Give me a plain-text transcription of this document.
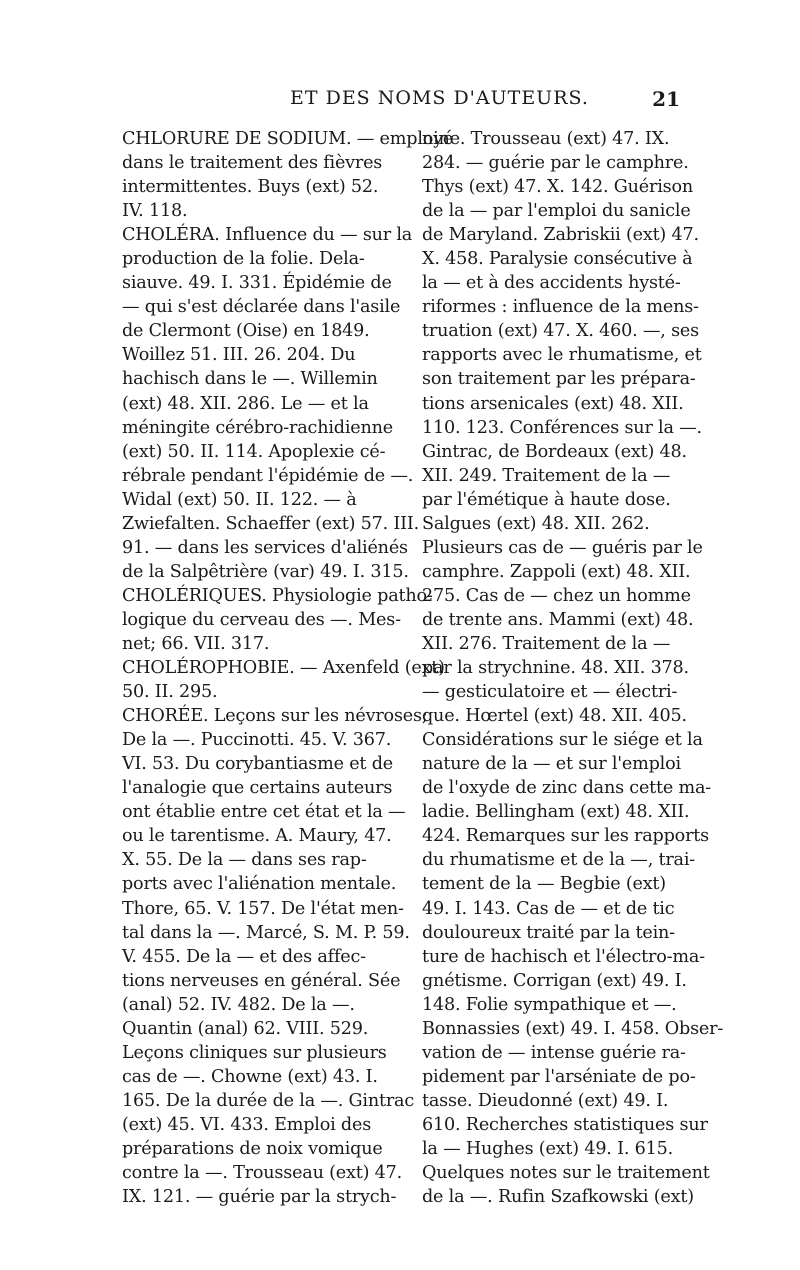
ET DES NOMS D'AUTEURS.	21
CHLORURE DE SODIUM. — employé
dans le traitement des fièvres
intermittentes. Buys (ext) 52.
IV. 118.
CHOLÉRA. Influence du — sur la
production de la folie. Dela-
siauve. 49. I. 331. Épidémie de
— qui s'est déclarée dans l'asile
de Clermont (Oise) en 1849.
Woillez 51. III. 26. 204. Du
hachisch dans le —. Willemin
(ext) 48. XII. 286. Le — et la
méningite cérébro-rachidienne
(ext) 50. II. 114. Apoplexie cé-
rébrale pendant l'épidémie de —.
Widal (ext) 50. II. 122. — à
Zwiefalten. Schaeffer (ext) 57. III.
91. — dans les services d'aliénés
de la Salpêtrière (var) 49. I. 315.
CHOLÉRIQUES. Physiologie patho-
logique du cerveau des —. Mes-
net; 66. VII. 317.
CHOLÉROPHOBIE. — Axenfeld (ext)
50. II. 295.
CHORÉE. Leçons sur les névroses;
De la —. Puccinotti. 45. V. 367.
VI. 53. Du corybantiasme et de
l'analogie que certains auteurs
ont établie entre cet état et la —
ou le tarentisme. A. Maury, 47.
X. 55. De la — dans ses rap-
ports avec l'aliénation mentale.
Thore, 65. V. 157. De l'état men-
tal dans la —. Marcé, S. M. P. 59.
V. 455. De la — et des affec-
tions nerveuses en général. Sée
(anal) 52. IV. 482. De la —.
Quantin (anal) 62. VIII. 529.
Leçons cliniques sur plusieurs
cas de —. Chowne (ext) 43. I.
165. De la durée de la —. Gintrac
(ext) 45. VI. 433. Emploi des
préparations de noix vomique
contre la —. Trousseau (ext) 47.
IX. 121. — guérie par la strych-
nine. Trousseau (ext) 47. IX.
284. — guérie par le camphre.
Thys (ext) 47. X. 142. Guérison
de la — par l'emploi du sanicle
de Maryland. Zabriskii (ext) 47.
X. 458. Paralysie consécutive à
la — et à des accidents hysté-
riformes : influence de la mens-
truation (ext) 47. X. 460. —, ses
rapports avec le rhumatisme, et
son traitement par les prépara-
tions arsenicales (ext) 48. XII.
110. 123. Conférences sur la —.
Gintrac, de Bordeaux (ext) 48.
XII. 249. Traitement de la —
par l'émétique à haute dose.
Salgues (ext) 48. XII. 262.
Plusieurs cas de — guéris par le
camphre. Zappoli (ext) 48. XII.
275. Cas de — chez un homme
de trente ans. Mammi (ext) 48.
XII. 276. Traitement de la —
par la strychnine. 48. XII. 378.
— gesticulatoire et — électri-
que. Hœrtel (ext) 48. XII. 405.
Considérations sur le siége et la
nature de la — et sur l'emploi
de l'oxyde de zinc dans cette ma-
ladie. Bellingham (ext) 48. XII.
424. Remarques sur les rapports
du rhumatisme et de la —, trai-
tement de la — Begbie (ext)
49. I. 143. Cas de — et de tic
douloureux traité par la tein-
ture de hachisch et l'électro-ma-
gnétisme. Corrigan (ext) 49. I.
148. Folie sympathique et —.
Bonnassies (ext) 49. I. 458. Obser-
vation de — intense guérie ra-
pidement par l'arséniate de po-
tasse. Dieudonné (ext) 49. I.
610. Recherches statistiques sur
la — Hughes (ext) 49. I. 615.
Quelques notes sur le traitement
de la —. Rufin Szafkowski (ext)
